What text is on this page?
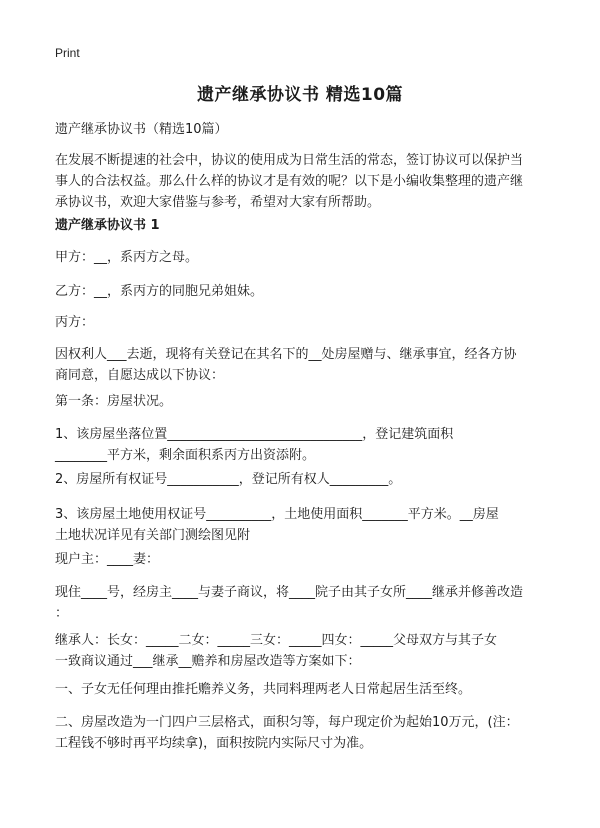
Print
遗产继承协议书 精选10篇
遗产继承协议书（精选10篇）
在发展不断提速的社会中，协议的使用成为日常生活的常态，签订协议可以保护当
事人的合法权益。那么什么样的协议才是有效的呢？以下是小编收集整理的遗产继
承协议书，欢迎大家借鉴与参考，希望对大家有所帮助。
遗产继承协议书 1
甲方：__，系丙方之母。
乙方：__，系丙方的同胞兄弟姐妹。
丙方：
因权利人___去逝，现将有关登记在其名下的__处房屋赠与、继承事宜，经各方协
商同意，自愿达成以下协议：
第一条：房屋状况。
1、该房屋坐落位置______________________________，登记建筑面积
________平方米，剩余面积系丙方出资添附。
2、房屋所有权证号___________，登记所有权人_________。
3、该房屋土地使用权证号__________，土地使用面积_______平方米。__房屋
土地状况详见有关部门测绘图见附
现户主：____妻：
现住____号，经房主____与妻子商议，将____院子由其子女所____继承并修善改造
：
继承人：长女：_____二女：_____三女：_____四女：_____父母双方与其子女
一致商议通过___继承__赡养和房屋改造等方案如下：
一、子女无任何理由推托赡养义务，共同料理两老人日常起居生活至终。
二、房屋改造为一门四户三层格式，面积匀等，每户现定价为起始10万元，(注：
工程钱不够时再平均续拿)，面积按院内实际尺寸为准。
